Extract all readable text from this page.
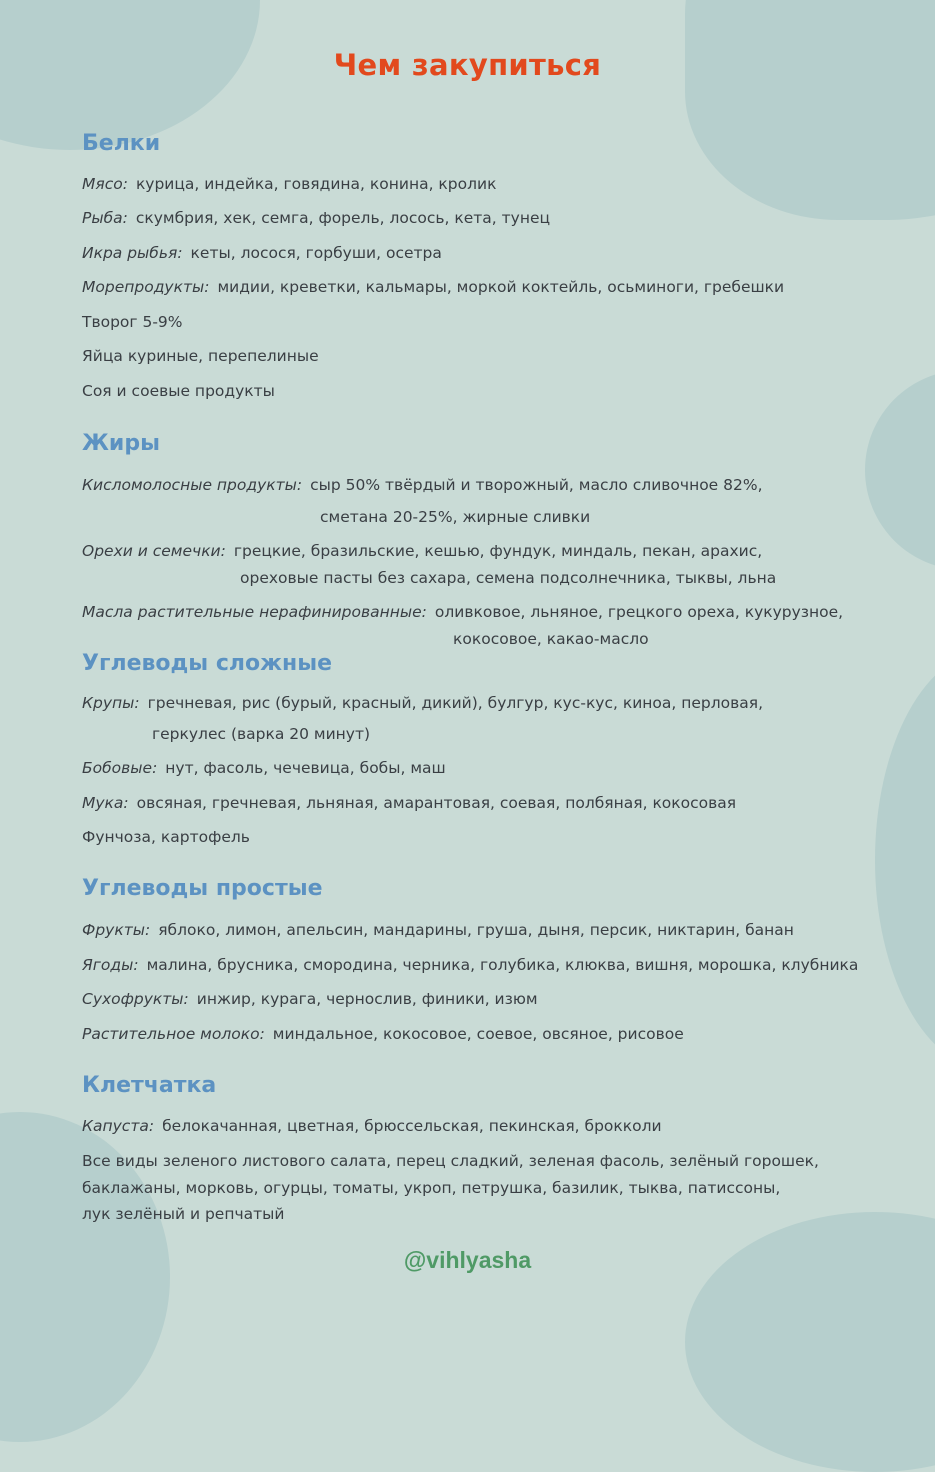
Чем закупиться
Белки
Мясо: курица, индейка, говядина, конина, кролик
Рыба: скумбрия, хек, семга, форель, лосось, кета, тунец
Икра рыбья: кеты, лосося, горбуши, осетра
Морепродукты: мидии, креветки, кальмары, моркой коктейль, осьминоги, гребешки
Творог 5-9%
Яйца куриные, перепелиные
Соя и соевые продукты
Жиры
Кисломолосные продукты: сыр 50% твёрдый и творожный, масло сливочное 82%,
сметана 20-25%, жирные сливки
Орехи и семечки: грецкие, бразильские, кешью, фундук, миндаль, пекан, арахис,
ореховые пасты без сахара, семена подсолнечника, тыквы, льна
Масла растительные нерафинированные: оливковое, льняное, грецкого ореха, кукурузное,
кокосовое, какао-масло
Углеводы сложные
Крупы: гречневая, рис (бурый, красный, дикий), булгур, кус-кус, киноа, перловая,
геркулес (варка 20 минут)
Бобовые: нут, фасоль, чечевица, бобы, маш
Мука: овсяная, гречневая, льняная, амарантовая, соевая, полбяная, кокосовая
Фунчоза, картофель
Углеводы простые
Фрукты: яблоко, лимон, апельсин, мандарины, груша, дыня, персик, никтарин, банан
Ягоды: малина, брусника, смородина, черника, голубика, клюква, вишня, морошка, клубника
Сухофрукты: инжир, курага, чернослив, финики, изюм
Растительное молоко: миндальное, кокосовое, соевое, овсяное, рисовое
Клетчатка
Капуста: белокачанная, цветная, брюссельская, пекинская, брокколи
Все виды зеленого листового салата, перец сладкий, зеленая фасоль, зелёный горошек,
баклажаны, морковь, огурцы, томаты, укроп, петрушка, базилик, тыква, патиссоны,
лук зелёный и репчатый
@vihlyasha
